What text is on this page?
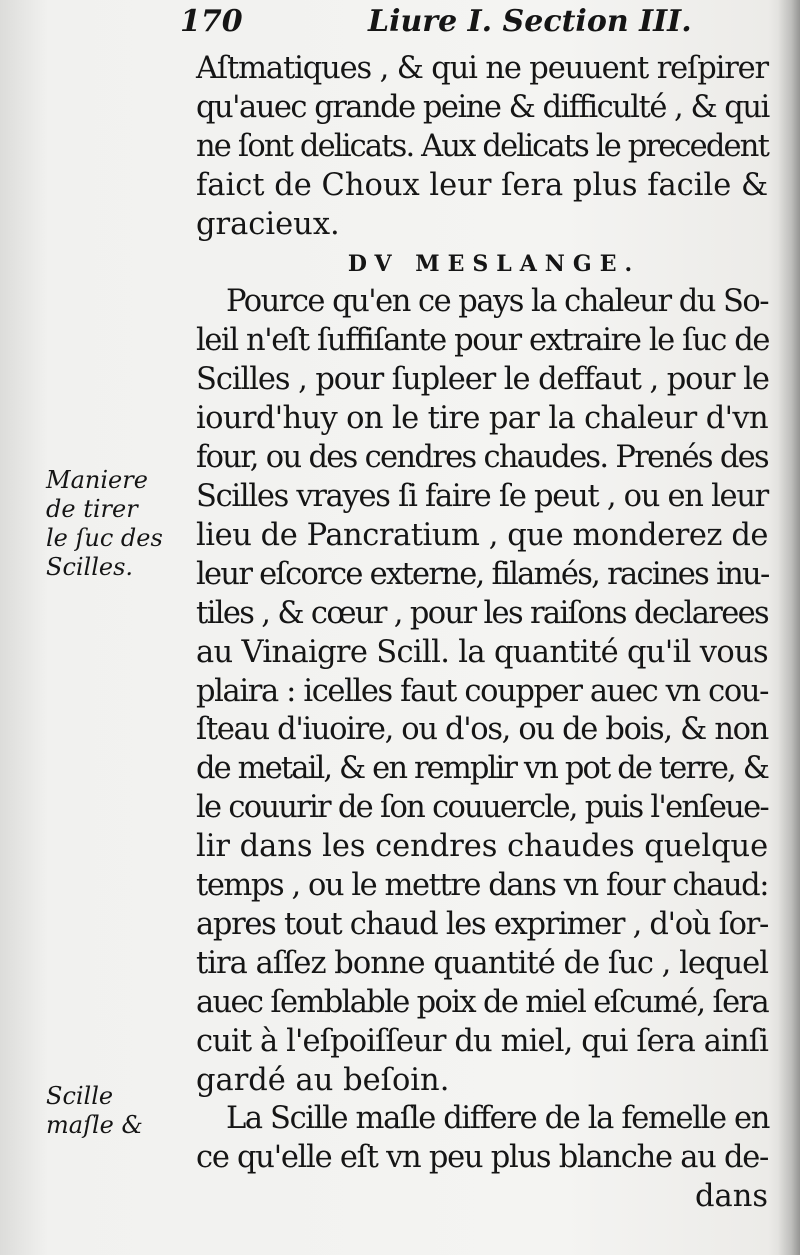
170	Liure I. Section III.
Aſtmatiques , & qui ne peuuent reſpirer
qu'auec grande peine & difficulté , & qui
ne ſont delicats. Aux delicats le precedent
faict de Choux leur ſera plus facile &
gracieux.
DV MESLANGE.
Pource qu'en ce pays la chaleur du So-
leil n'eſt ſuffiſante pour extraire le ſuc de
Scilles , pour ſupleer le deffaut , pour le
iourd'huy on le tire par la chaleur d'vn
four, ou des cendres chaudes. Prenés des
Scilles vrayes ſi faire ſe peut , ou en leur
lieu de Pancratium , que monderez de
leur eſcorce externe, filamés, racines inu-
tiles , & cœur , pour les raiſons declarees
au Vinaigre Scill. la quantité qu'il vous
plaira : icelles faut coupper auec vn cou-
ſteau d'iuoire, ou d'os, ou de bois, & non
de metail, & en remplir vn pot de terre, &
le couurir de ſon couuercle, puis l'enſeue-
lir dans les cendres chaudes quelque
temps , ou le mettre dans vn four chaud:
apres tout chaud les exprimer , d'où ſor-
tira aſſez bonne quantité de ſuc , lequel
auec ſemblable poix de miel eſcumé, ſera
cuit à l'eſpoiſſeur du miel, qui ſera ainſi
gardé au beſoin.
La Scille maſle differe de la femelle en
ce qu'elle eſt vn peu plus blanche au de-
dans
Maniere
de tirer
le ſuc des
Scilles.
Scille
maſle &
